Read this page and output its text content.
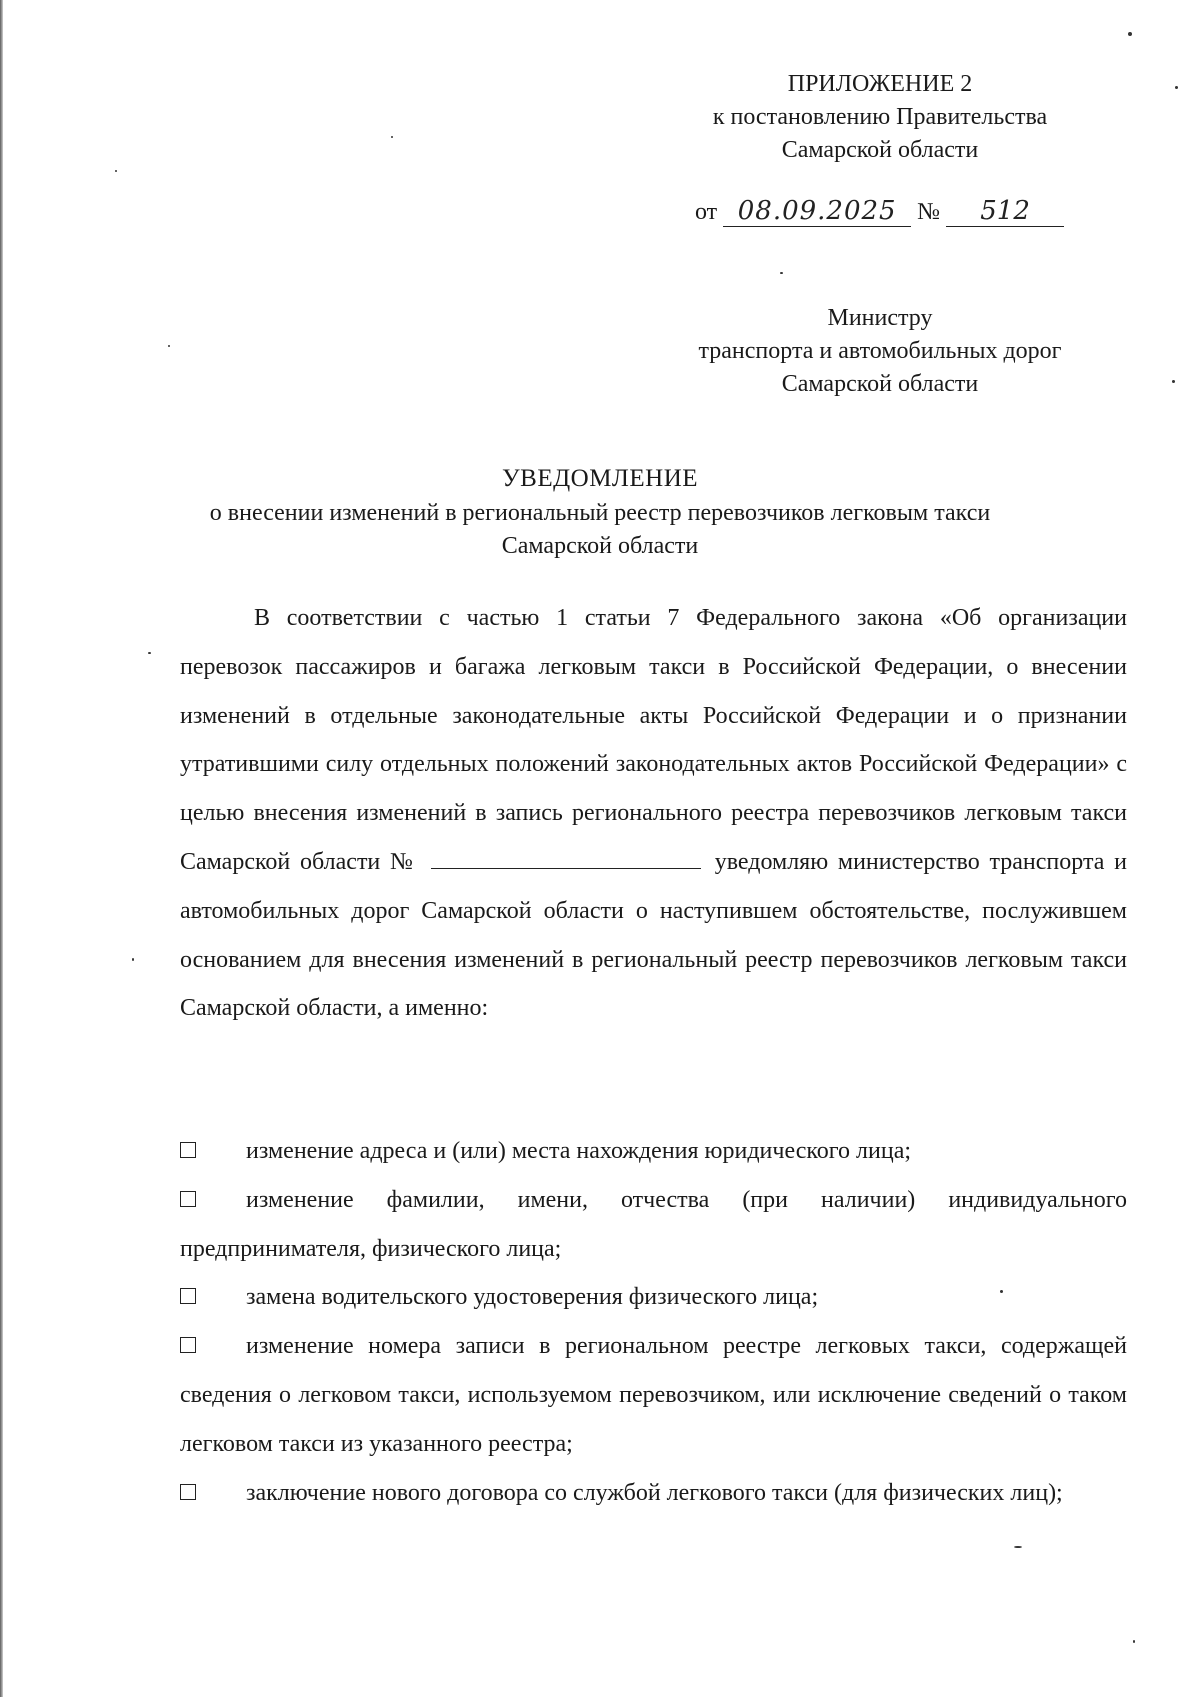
ПРИЛОЖЕНИЕ 2
к постановлению Правительства
Самарской области
от 08.09.2025 № 512
Министру
транспорта и автомобильных дорог
Самарской области
УВЕДОМЛЕНИЕ
о внесении изменений в региональный реестр перевозчиков легковым такси
Самарской области
В соответствии с частью 1 статьи 7 Федерального закона «Об организации перевозок пассажиров и багажа легковым такси в Российской Федерации, о внесении изменений в отдельные законодательные акты Российской Федерации и о признании утратившими силу отдельных положений законодательных актов Российской Федерации» с целью внесения изменений в запись регионального реестра перевозчиков легковым такси Самарской области №	уведомляю министерство транспорта и автомобильных дорог Самарской области о наступившем обстоятельстве, послужившем основанием для внесения изменений в региональный реестр перевозчиков легковым такси Самарской области, а именно:
изменение адреса и (или) места нахождения юридического лица;
изменение фамилии, имени, отчества (при наличии) индивидуального предпринимателя, физического лица;
замена водительского удостоверения физического лица;
изменение номера записи в региональном реестре легковых такси, содержащей сведения о легковом такси, используемом перевозчиком, или исключение сведений о таком легковом такси из указанного реестра;
заключение нового договора со службой легкового такси (для физических лиц);
